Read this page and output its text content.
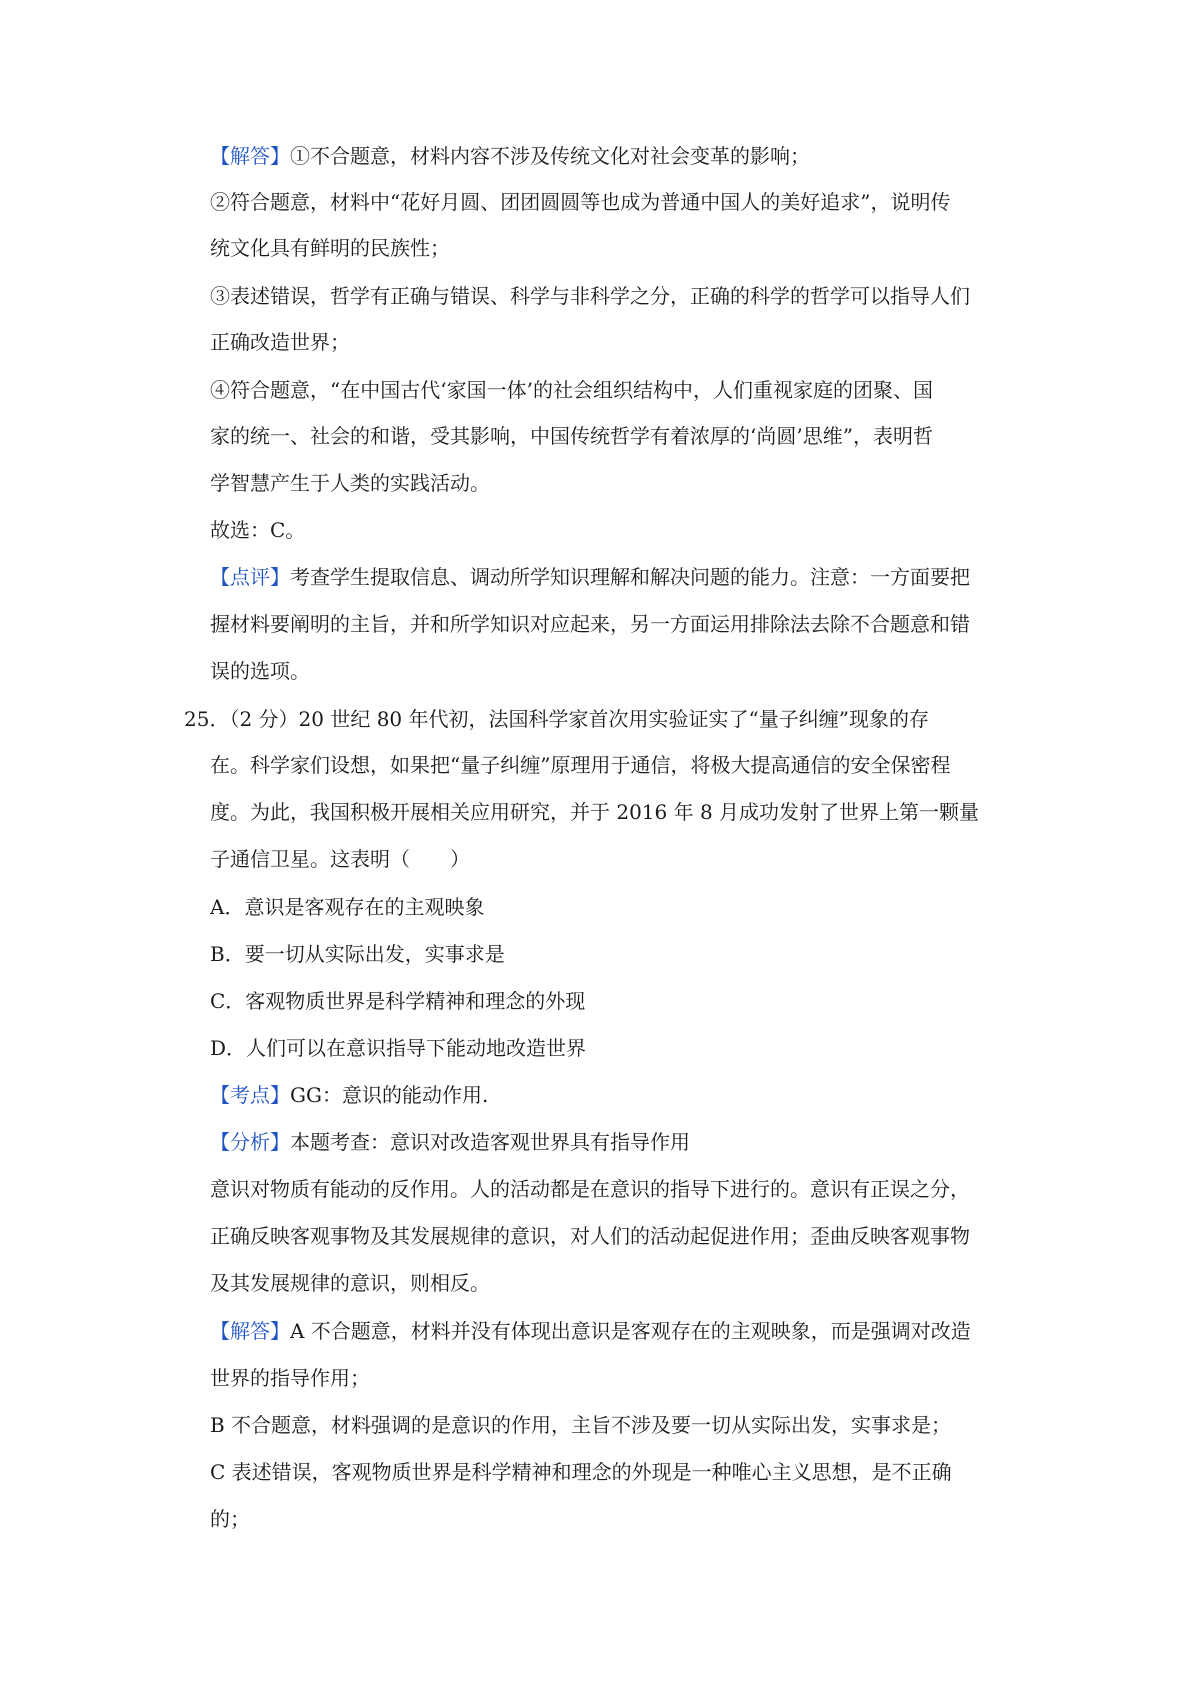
【解答】①不合题意，材料内容不涉及传统文化对社会变革的影响；
②符合题意，材料中“花好月圆、团团圆圆等也成为普通中国人的美好追求”，说明传
统文化具有鲜明的民族性；
③表述错误，哲学有正确与错误、科学与非科学之分，正确的科学的哲学可以指导人们
正确改造世界；
④符合题意，“在中国古代‘家国一体’的社会组织结构中，人们重视家庭的团聚、国
家的统一、社会的和谐，受其影响，中国传统哲学有着浓厚的‘尚圆’思维”，表明哲
学智慧产生于人类的实践活动。
故选：C。
【点评】考查学生提取信息、调动所学知识理解和解决问题的能力。注意：一方面要把
握材料要阐明的主旨，并和所学知识对应起来，另一方面运用排除法去除不合题意和错
误的选项。
25．（2 分）20 世纪 80 年代初，法国科学家首次用实验证实了“量子纠缠”现象的存
在。科学家们设想，如果把“量子纠缠”原理用于通信，将极大提高通信的安全保密程
度。为此，我国积极开展相关应用研究，并于 2016 年 8 月成功发射了世界上第一颗量
子通信卫星。这表明（　　）
A．意识是客观存在的主观映象
B．要一切从实际出发，实事求是
C．客观物质世界是科学精神和理念的外现
D．人们可以在意识指导下能动地改造世界
【考点】GG：意识的能动作用.
【分析】本题考查：意识对改造客观世界具有指导作用
意识对物质有能动的反作用。人的活动都是在意识的指导下进行的。意识有正误之分，
正确反映客观事物及其发展规律的意识，对人们的活动起促进作用；歪曲反映客观事物
及其发展规律的意识，则相反。
【解答】A 不合题意，材料并没有体现出意识是客观存在的主观映象，而是强调对改造
世界的指导作用；
B 不合题意，材料强调的是意识的作用，主旨不涉及要一切从实际出发，实事求是；
C 表述错误，客观物质世界是科学精神和理念的外现是一种唯心主义思想，是不正确
的；
